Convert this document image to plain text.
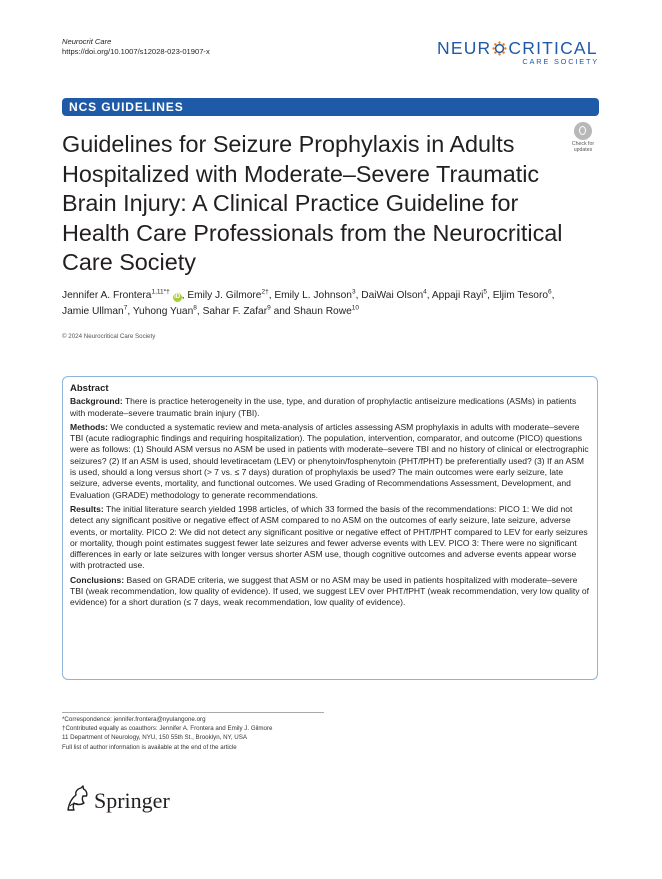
Neurocrit Care
https://doi.org/10.1007/s12028-023-01907-x	NEUR CRITICAL
CARE SOCIETY
NCS GUIDELINES
Guidelines for Seizure Prophylaxis in Adults Hospitalized with Moderate–Severe Traumatic Brain Injury: A Clinical Practice Guideline for Health Care Professionals from the Neurocritical Care Society
Check for updates
Jennifer A. Frontera$^{1,11*\dagger}$ iD , Emily J. Gilmore$^{2\dagger}$, Emily L. Johnson$^3$, DaiWai Olson$^4$, Appaji Rayi$^5$, Eljim Tesoro$^6$,
Jamie Ullman$^7$, Yuhong Yuan$^8$, Sahar F. Zafar$^9$ and Shaun Rowe$^{10}$
© 2024 Neurocritical Care Society
Abstract

Background: There is practice heterogeneity in the use, type, and duration of prophylactic antiseizure medications (ASMs) in patients with moderate–severe traumatic brain injury (TBI).

Methods: We conducted a systematic review and meta-analysis of articles assessing ASM prophylaxis in adults with moderate–severe TBI (acute radiographic findings and requiring hospitalization). The population, intervention, comparator, and outcome (PICO) questions were as follows: (1) Should ASM versus no ASM be used in patients with moderate–severe TBI and no history of clinical or electrographic seizures? (2) If an ASM is used, should levetiracetam (LEV) or phenytoin/fosphenytoin (PHT/fPHT) be preferentially used? (3) If an ASM is used, should a long versus short (> 7 vs. ≤ 7 days) duration of prophylaxis be used? The main outcomes were early seizure, late seizure, adverse events, mortality, and functional outcomes. We used Grading of Recommendations Assessment, Development, and Evaluation (GRADE) methodology to generate recommendations.

Results: The initial literature search yielded 1998 articles, of which 33 formed the basis of the recommendations: PICO 1: We did not detect any significant positive or negative effect of ASM compared to no ASM on the outcomes of early seizure, late seizure, adverse events, or mortality. PICO 2: We did not detect any significant positive or negative effect of PHT/fPHT compared to LEV for early seizures or mortality, though point estimates suggest fewer late seizures and fewer adverse events with LEV. PICO 3: There were no significant differences in early or late seizures with longer versus shorter ASM use, though cognitive outcomes and adverse events appear worse with protracted use.

Conclusions: Based on GRADE criteria, we suggest that ASM or no ASM may be used in patients hospitalized with moderate–severe TBI (weak recommendation, low quality of evidence). If used, we suggest LEV over PHT/fPHT (weak recommendation, very low quality of evidence) for a short duration (≤ 7 days, weak recommendation, low quality of evidence).

*Correspondence: jennifer.frontera@nyulangone.org
†Contributed equally as coauthors: Jennifer A. Frontera and Emily J. Gilmore
11 Department of Neurology, NYU, 150 55th St., Brooklyn, NY, USA
Full list of author information is available at the end of the article
Springer
